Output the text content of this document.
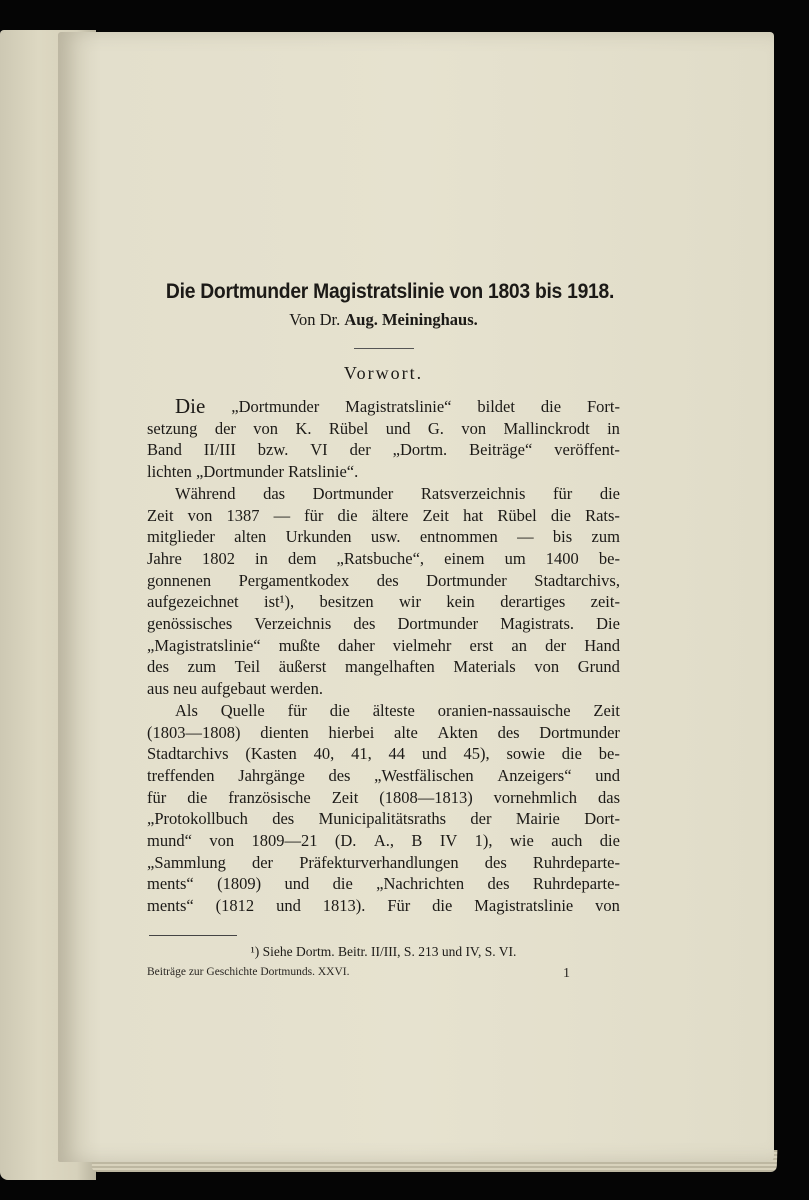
Die Dortmunder Magistratslinie von 1803 bis 1918.
Von Dr. Aug. Meininghaus.
Vorwort.
Die „Dortmunder Magistratslinie“ bildet die Fort-
setzung der von K. Rübel und G. von Mallinckrodt in
Band II/III bzw. VI der „Dortm. Beiträge“ veröffent-
lichten „Dortmunder Ratslinie“.
Während das Dortmunder Ratsverzeichnis für die
Zeit von 1387 — für die ältere Zeit hat Rübel die Rats-
mitglieder alten Urkunden usw. entnommen — bis zum
Jahre 1802 in dem „Ratsbuche“, einem um 1400 be-
gonnenen Pergamentkodex des Dortmunder Stadtarchivs,
aufgezeichnet ist¹), besitzen wir kein derartiges zeit-
genössisches Verzeichnis des Dortmunder Magistrats. Die
„Magistratslinie“ mußte daher vielmehr erst an der Hand
des zum Teil äußerst mangelhaften Materials von Grund
aus neu aufgebaut werden.
Als Quelle für die älteste oranien-nassauische Zeit
(1803—1808) dienten hierbei alte Akten des Dortmunder
Stadtarchivs (Kasten 40, 41, 44 und 45), sowie die be-
treffenden Jahrgänge des „Westfälischen Anzeigers“ und
für die französische Zeit (1808—1813) vornehmlich das
„Protokollbuch des Municipalitätsraths der Mairie Dort-
mund“ von 1809—21 (D. A., B IV 1), wie auch die
„Sammlung der Präfekturverhandlungen des Ruhrdeparte-
ments“ (1809) und die „Nachrichten des Ruhrdeparte-
ments“ (1812 und 1813). Für die Magistratslinie von
¹) Siehe Dortm. Beitr. II/III, S. 213 und IV, S. VI.
Beiträge zur Geschichte Dortmunds. XXVI.	1
